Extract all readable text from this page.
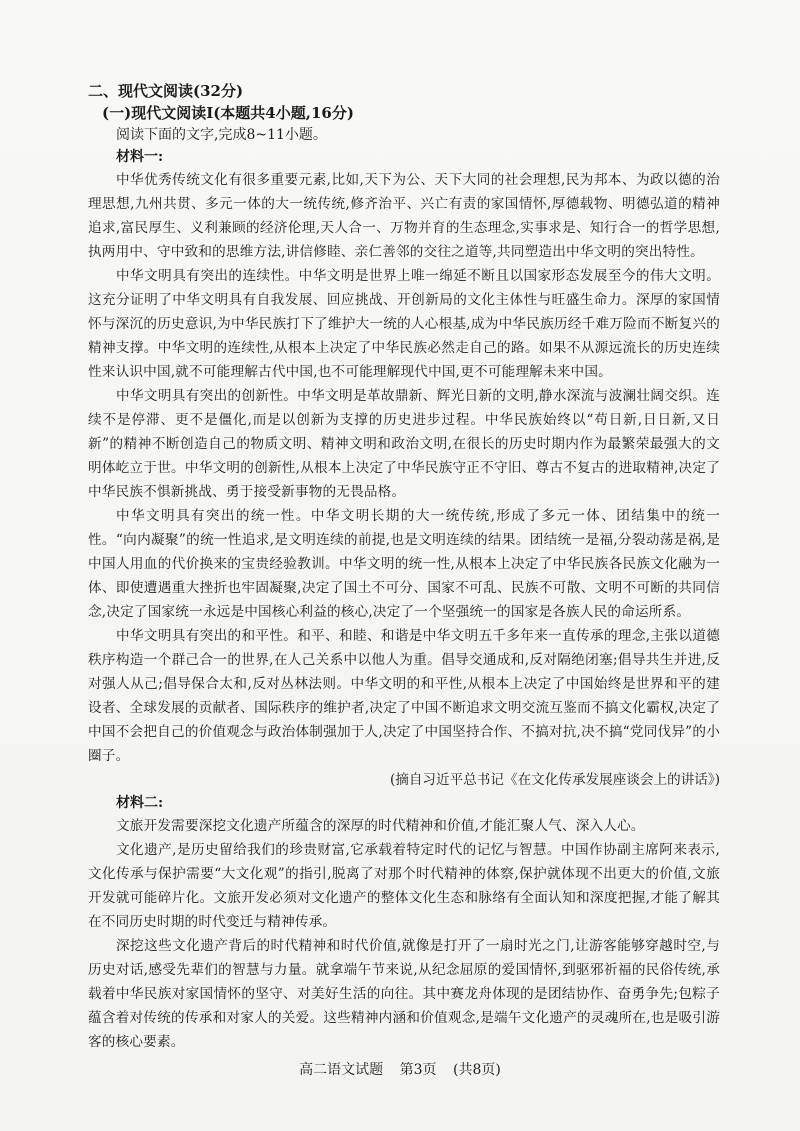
二、现代文阅读(32分)

(一)现代文阅读Ⅰ(本题共4小题,16分)

阅读下面的文字,完成8~11小题。

材料一:

中华优秀传统文化有很多重要元素,比如,天下为公、天下大同的社会理想,民为邦本、为政以德的治理思想,九州共贯、多元一体的大一统传统,修齐治平、兴亡有责的家国情怀,厚德载物、明德弘道的精神追求,富民厚生、义利兼顾的经济伦理,天人合一、万物并育的生态理念,实事求是、知行合一的哲学思想,执两用中、守中致和的思维方法,讲信修睦、亲仁善邻的交往之道等,共同塑造出中华文明的突出特性。

中华文明具有突出的连续性。中华文明是世界上唯一绵延不断且以国家形态发展至今的伟大文明。这充分证明了中华文明具有自我发展、回应挑战、开创新局的文化主体性与旺盛生命力。深厚的家国情怀与深沉的历史意识,为中华民族打下了维护大一统的人心根基,成为中华民族历经千难万险而不断复兴的精神支撑。中华文明的连续性,从根本上决定了中华民族必然走自己的路。如果不从源远流长的历史连续性来认识中国,就不可能理解古代中国,也不可能理解现代中国,更不可能理解未来中国。

中华文明具有突出的创新性。中华文明是革故鼎新、辉光日新的文明,静水深流与波澜壮阔交织。连续不是停滞、更不是僵化,而是以创新为支撑的历史进步过程。中华民族始终以“苟日新,日日新,又日新”的精神不断创造自己的物质文明、精神文明和政治文明,在很长的历史时期内作为最繁荣最强大的文明体屹立于世。中华文明的创新性,从根本上决定了中华民族守正不守旧、尊古不复古的进取精神,决定了中华民族不惧新挑战、勇于接受新事物的无畏品格。

中华文明具有突出的统一性。中华文明长期的大一统传统,形成了多元一体、团结集中的统一性。“向内凝聚”的统一性追求,是文明连续的前提,也是文明连续的结果。团结统一是福,分裂动荡是祸,是中国人用血的代价换来的宝贵经验教训。中华文明的统一性,从根本上决定了中华民族各民族文化融为一体、即使遭遇重大挫折也牢固凝聚,决定了国土不可分、国家不可乱、民族不可散、文明不可断的共同信念,决定了国家统一永远是中国核心利益的核心,决定了一个坚强统一的国家是各族人民的命运所系。

中华文明具有突出的和平性。和平、和睦、和谐是中华文明五千多年来一直传承的理念,主张以道德秩序构造一个群己合一的世界,在人己关系中以他人为重。倡导交通成和,反对隔绝闭塞;倡导共生并进,反对强人从己;倡导保合太和,反对丛林法则。中华文明的和平性,从根本上决定了中国始终是世界和平的建设者、全球发展的贡献者、国际秩序的维护者,决定了中国不断追求文明交流互鉴而不搞文化霸权,决定了中国不会把自己的价值观念与政治体制强加于人,决定了中国坚持合作、不搞对抗,决不搞“党同伐异”的小圈子。

(摘自习近平总书记《在文化传承发展座谈会上的讲话》)

材料二:

文旅开发需要深挖文化遗产所蕴含的深厚的时代精神和价值,才能汇聚人气、深入人心。

文化遗产,是历史留给我们的珍贵财富,它承载着特定时代的记忆与智慧。中国作协副主席阿来表示,文化传承与保护需要“大文化观”的指引,脱离了对那个时代精神的体察,保护就体现不出更大的价值,文旅开发就可能碎片化。文旅开发必须对文化遗产的整体文化生态和脉络有全面认知和深度把握,才能了解其在不同历史时期的时代变迁与精神传承。

深挖这些文化遗产背后的时代精神和时代价值,就像是打开了一扇时光之门,让游客能够穿越时空,与历史对话,感受先辈们的智慧与力量。就拿端午节来说,从纪念屈原的爱国情怀,到驱邪祈福的民俗传统,承载着中华民族对家国情怀的坚守、对美好生活的向往。其中赛龙舟体现的是团结协作、奋勇争先;包粽子蕴含着对传统的传承和对家人的关爱。这些精神内涵和价值观念,是端午文化遗产的灵魂所在,也是吸引游客的核心要素。

高二语文试题 第3页 (共8页)
